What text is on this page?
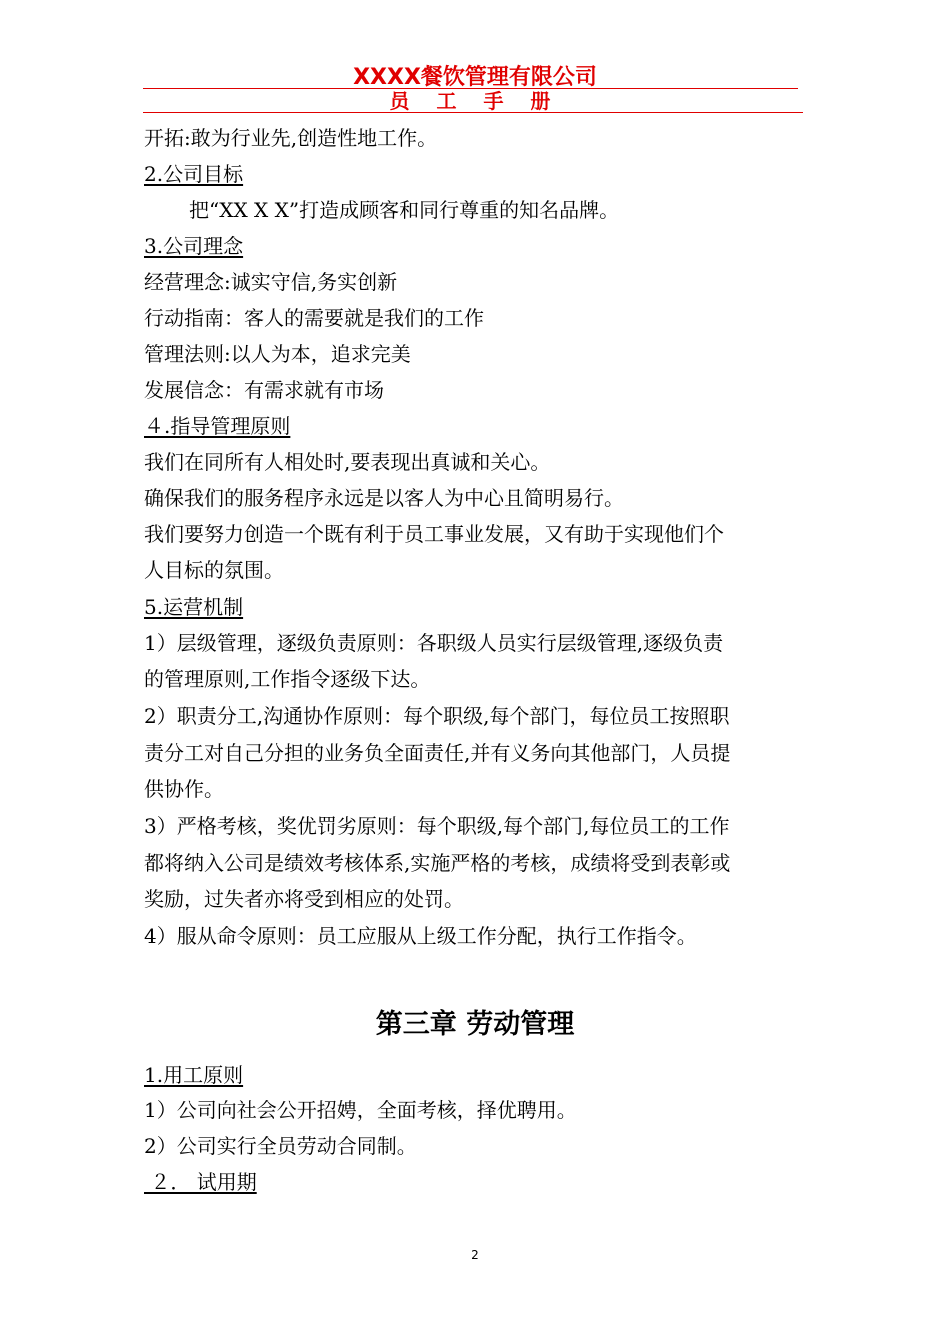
XXXX餐饮管理有限公司
员 工 手 册
开拓:敢为行业先,创造性地工作。
2.公司目标
把“XX X X”打造成顾客和同行尊重的知名品牌。
3.公司理念
经营理念:诚实守信,务实创新
行动指南：客人的需要就是我们的工作
管理法则:以人为本，追求完美
发展信念：有需求就有市场
４.指导管理原则
我们在同所有人相处时,要表现出真诚和关心。
确保我们的服务程序永远是以客人为中心且简明易行。
我们要努力创造一个既有利于员工事业发展，又有助于实现他们个
人目标的氛围。
5.运营机制
1）层级管理，逐级负责原则：各职级人员实行层级管理,逐级负责
的管理原则,工作指令逐级下达。
2）职责分工,沟通协作原则：每个职级,每个部门，每位员工按照职
责分工对自己分担的业务负全面责任,并有义务向其他部门，人员提
供协作。
3）严格考核，奖优罚劣原则：每个职级,每个部门,每位员工的工作
都将纳入公司是绩效考核体系,实施严格的考核，成绩将受到表彰或
奖励，过失者亦将受到相应的处罚。
4）服从命令原则：员工应服从上级工作分配，执行工作指令。
第三章 劳动管理
1.用工原则
1）公司向社会公开招娉，全面考核，择优聘用。
2）公司实行全员劳动合同制。
２． 试用期
2
